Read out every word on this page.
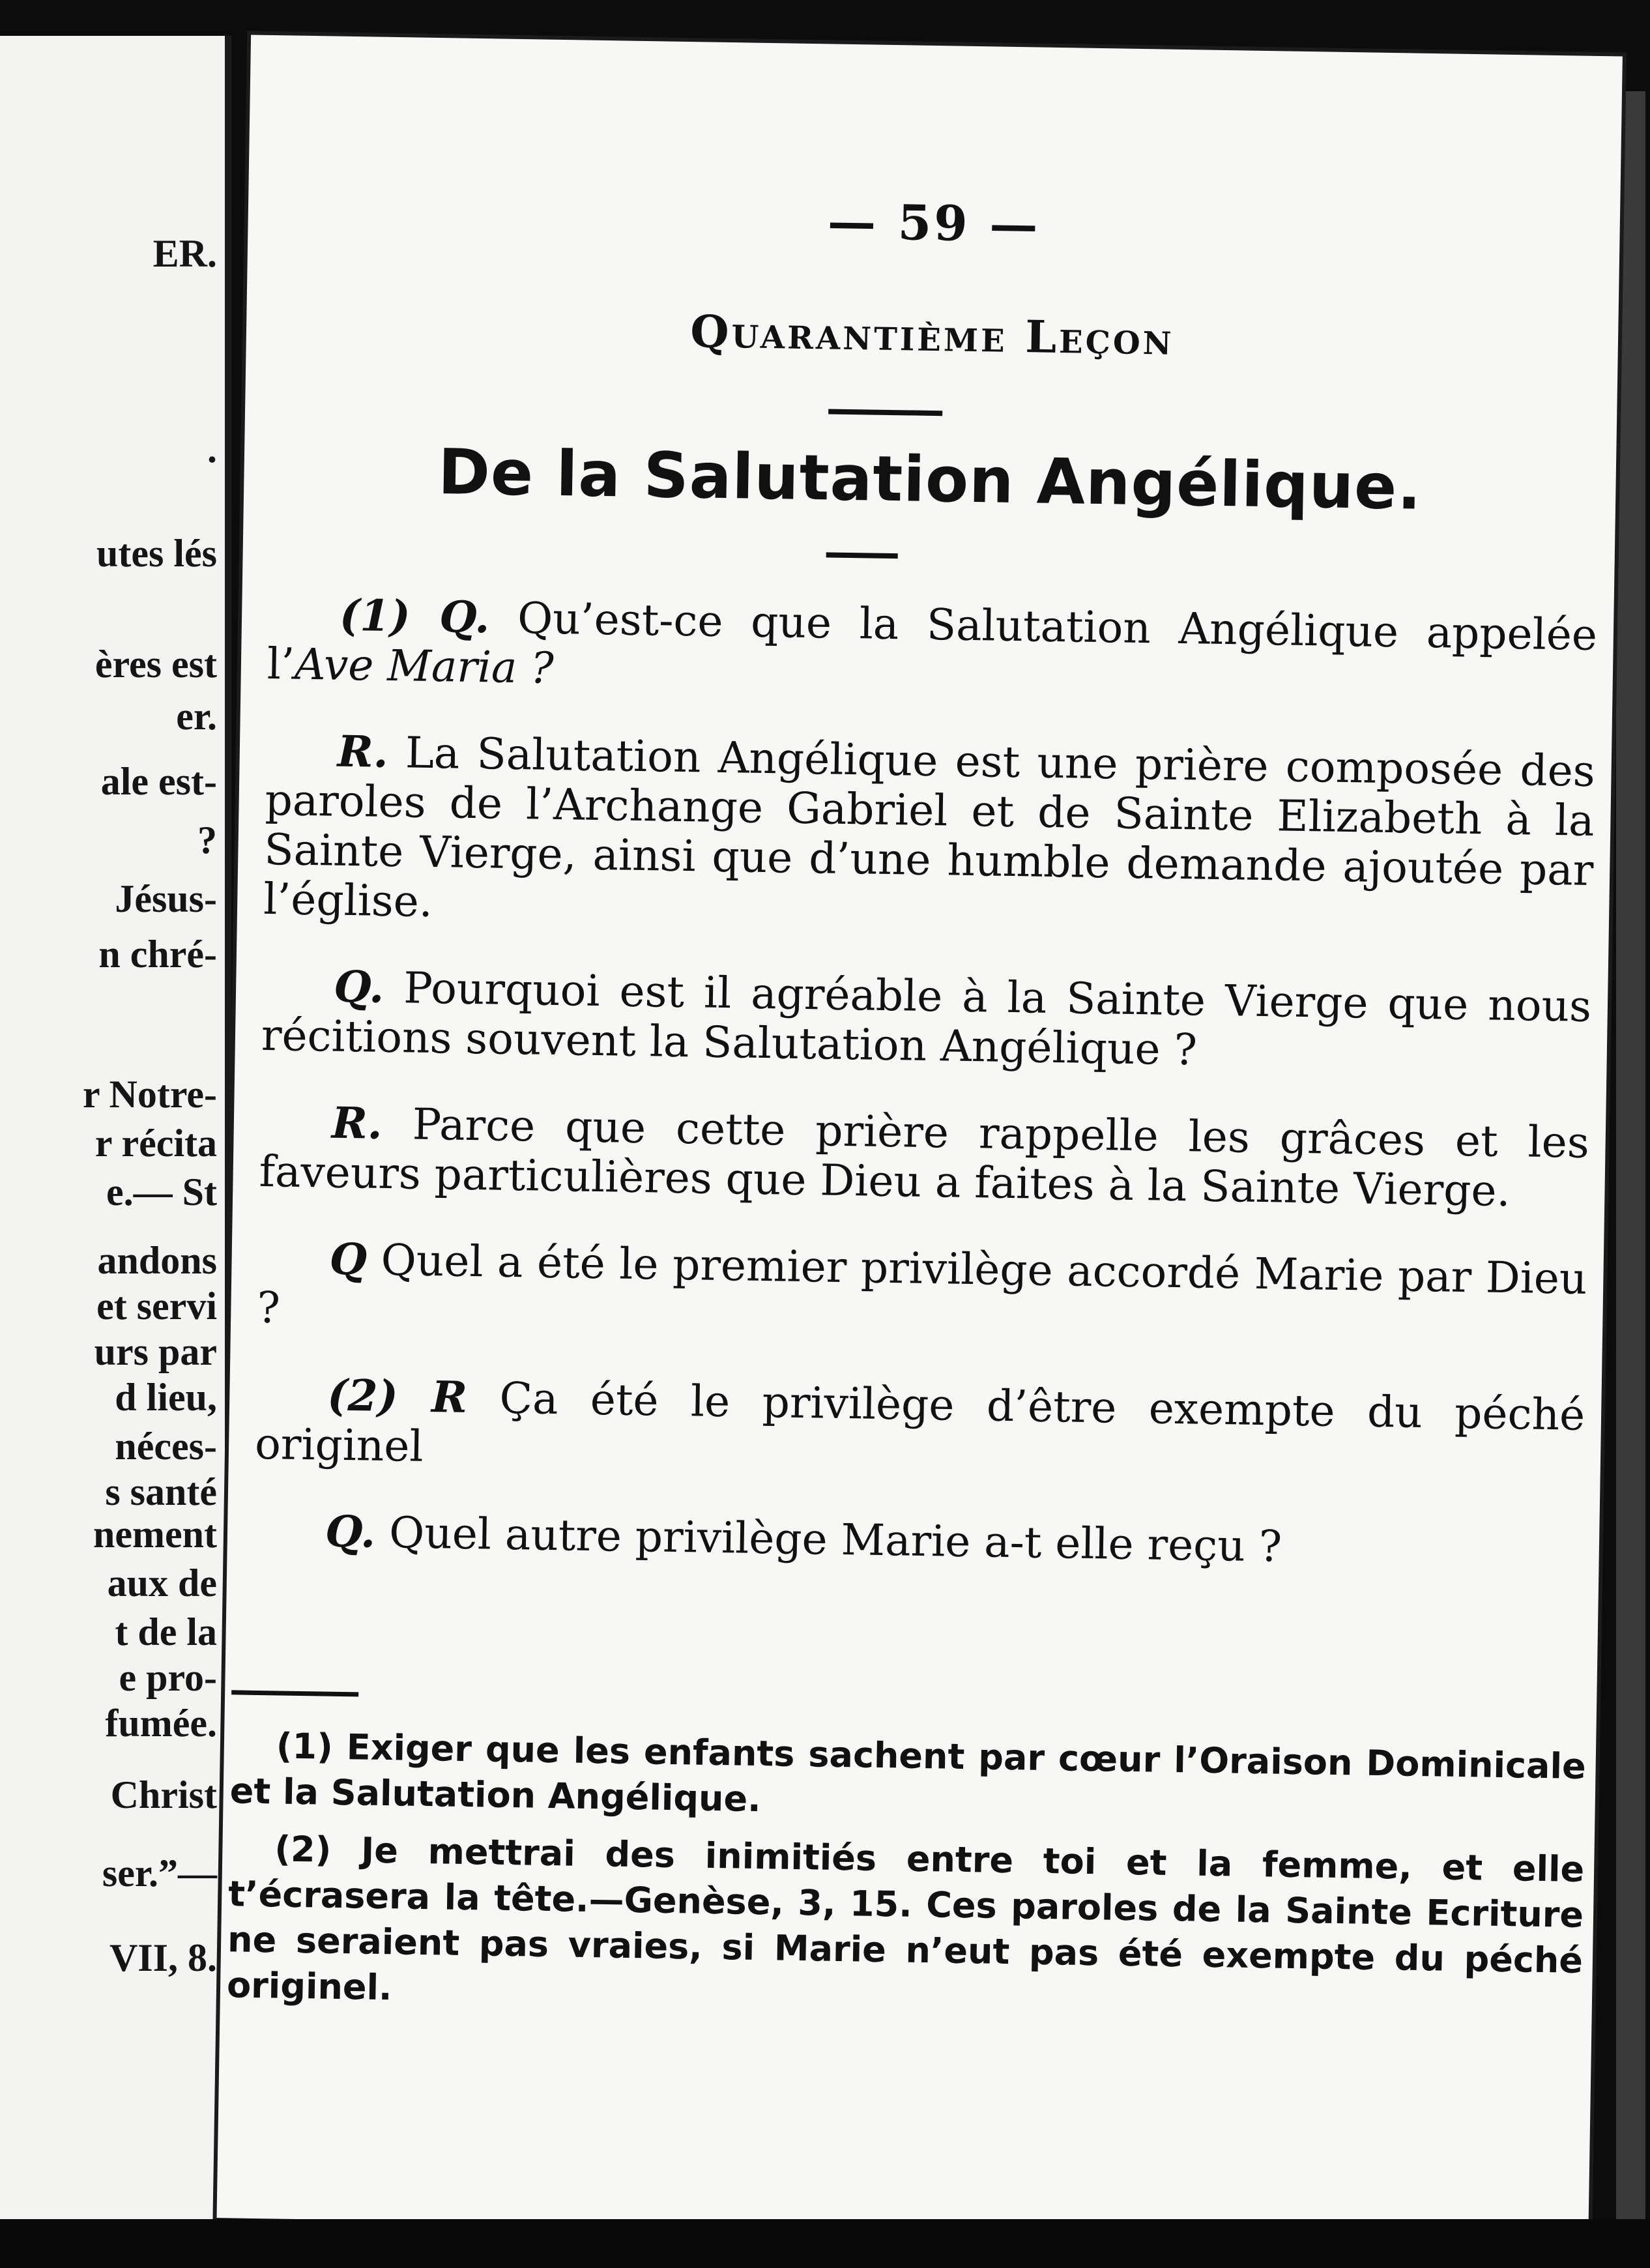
ER.
.
utes lés
ères est
er.
ale est-
?
Jésus-
n chré-
r Notre-
r récita
e.— St
andons
et servi
urs par
d lieu,
néces-
s santé
nement
aux de
t de la
e pro-
fumée.
Christ
ser.”—
VII, 8.
— 59 —
Quarantième Leçon
De la Salutation Angélique.

(1) Q. Qu’est-ce que la Salutation Angélique appelée l’Ave Maria ?

R. La Salutation Angélique est une prière composée des paroles de l’Archange Gabriel et de Sainte Elizabeth à la Sainte Vierge, ainsi que d’une humble demande ajoutée par l’église.

Q. Pourquoi est il agréable à la Sainte Vierge que nous récitions souvent la Salutation Angélique ?

R. Parce que cette prière rappelle les grâces et les faveurs particulières que Dieu a faites à la Sainte Vierge.

Q Quel a été le premier privilège accordé Marie par Dieu ?

(2) R Ça été le privilège d’être exempte du péché originel

Q. Quel autre privilège Marie a-t elle reçu ?

(1) Exiger que les enfants sachent par cœur l’Oraison Dominicale et la Salutation Angélique.

(2) Je mettrai des inimitiés entre toi et la femme, et elle t’écrasera la tête.—Genèse, 3, 15. Ces paroles de la Sainte Ecriture ne seraient pas vraies, si Marie n’eut pas été exempte du péché originel.
